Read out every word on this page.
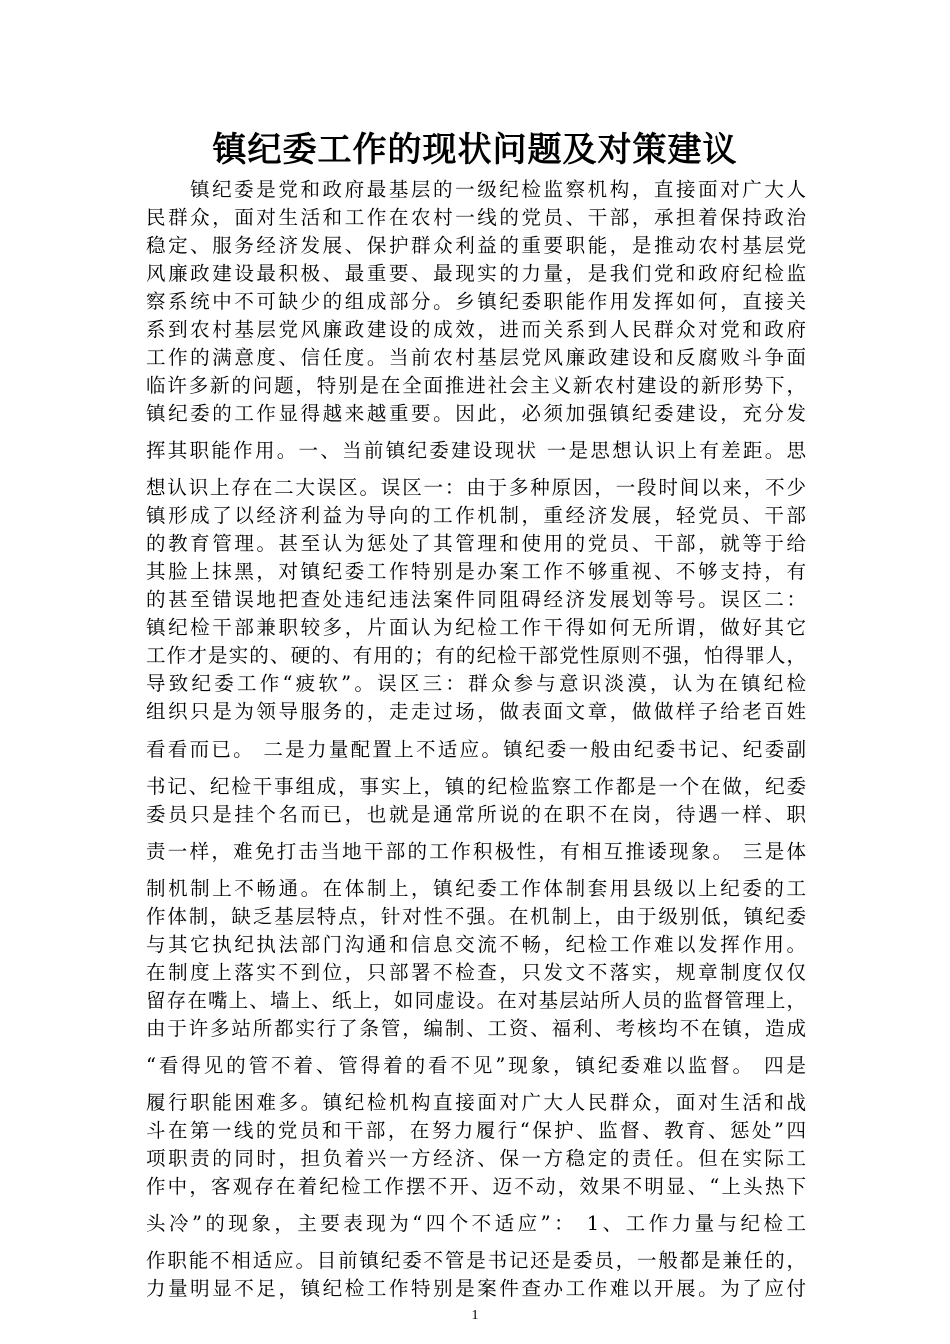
镇纪委工作的现状问题及对策建议
镇纪委是党和政府最基层的一级纪检监察机构，直接面对广大人
民群众，面对生活和工作在农村一线的党员、干部，承担着保持政治
稳定、服务经济发展、保护群众利益的重要职能，是推动农村基层党
风廉政建设最积极、最重要、最现实的力量，是我们党和政府纪检监
察系统中不可缺少的组成部分。乡镇纪委职能作用发挥如何，直接关
系到农村基层党风廉政建设的成效，进而关系到人民群众对党和政府
工作的满意度、信任度。当前农村基层党风廉政建设和反腐败斗争面
临许多新的问题，特别是在全面推进社会主义新农村建设的新形势下，
镇纪委的工作显得越来越重要。因此，必须加强镇纪委建设，充分发
挥其职能作用。一、当前镇纪委建设现状 一是思想认识上有差距。思
想认识上存在二大误区。误区一：由于多种原因，一段时间以来，不少
镇形成了以经济利益为导向的工作机制，重经济发展，轻党员、干部
的教育管理。甚至认为惩处了其管理和使用的党员、干部，就等于给
其脸上抹黑，对镇纪委工作特别是办案工作不够重视、不够支持，有
的甚至错误地把查处违纪违法案件同阻碍经济发展划等号。误区二：
镇纪检干部兼职较多，片面认为纪检工作干得如何无所谓，做好其它
工作才是实的、硬的、有用的；有的纪检干部党性原则不强，怕得罪人，
导致纪委工作“疲软”。误区三：群众参与意识淡漠，认为在镇纪检
组织只是为领导服务的，走走过场，做表面文章，做做样子给老百姓
看看而已。 二是力量配置上不适应。镇纪委一般由纪委书记、纪委副
书记、纪检干事组成，事实上，镇的纪检监察工作都是一个在做，纪委
委员只是挂个名而已，也就是通常所说的在职不在岗，待遇一样、职
责一样，难免打击当地干部的工作积极性，有相互推诿现象。 三是体
制机制上不畅通。在体制上，镇纪委工作体制套用县级以上纪委的工
作体制，缺乏基层特点，针对性不强。在机制上，由于级别低，镇纪委
与其它执纪执法部门沟通和信息交流不畅，纪检工作难以发挥作用。
在制度上落实不到位，只部署不检查，只发文不落实，规章制度仅仅
留存在嘴上、墙上、纸上，如同虚设。在对基层站所人员的监督管理上，
由于许多站所都实行了条管，编制、工资、福利、考核均不在镇，造成
“看得见的管不着、管得着的看不见”现象，镇纪委难以监督。 四是
履行职能困难多。镇纪检机构直接面对广大人民群众，面对生活和战
斗在第一线的党员和干部，在努力履行“保护、监督、教育、惩处”四
项职责的同时，担负着兴一方经济、保一方稳定的责任。但在实际工
作中，客观存在着纪检工作摆不开、迈不动，效果不明显、“上头热下
头冷”的现象，主要表现为“四个不适应”： 1、工作力量与纪检工
作职能不相适应。目前镇纪委不管是书记还是委员，一般都是兼任的，
力量明显不足，镇纪检工作特别是案件查办工作难以开展。为了应付
1
